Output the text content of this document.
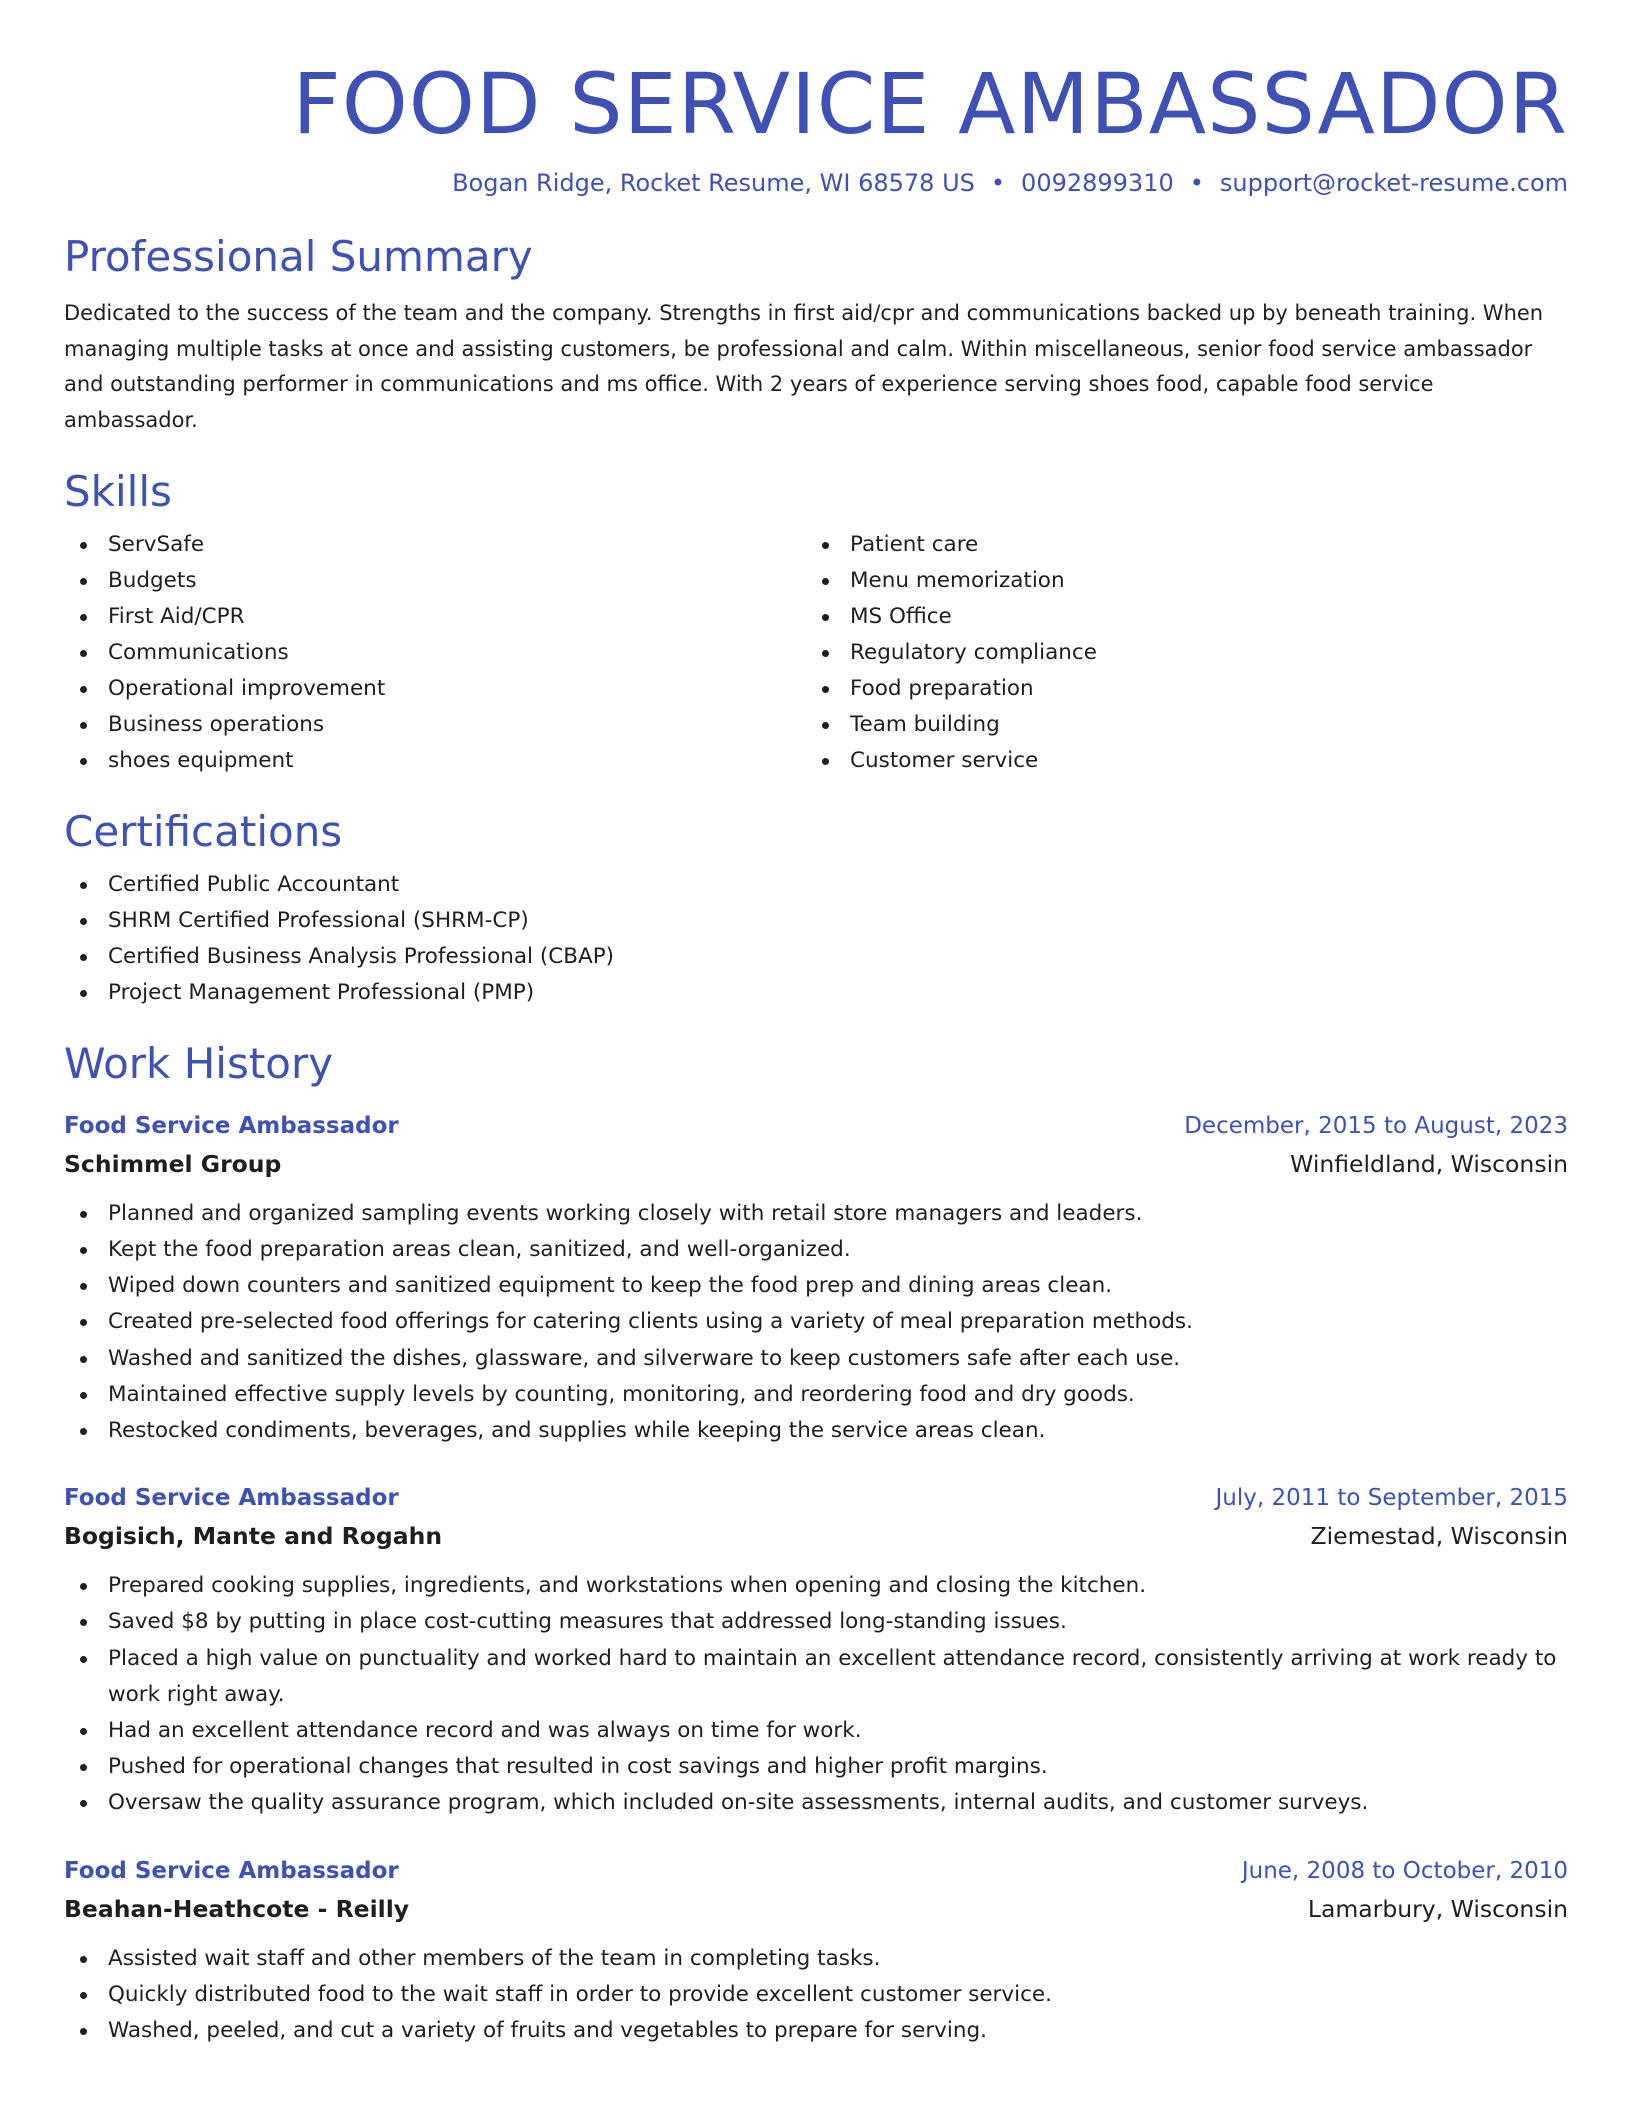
FOOD SERVICE AMBASSADOR
Bogan Ridge, Rocket Resume, WI 68578 US • 0092899310 • support@rocket-resume.com
Professional Summary

Dedicated to the success of the team and the company. Strengths in first aid/cpr and communications backed up by beneath training. When managing multiple tasks at once and assisting customers, be professional and calm. Within miscellaneous, senior food service ambassador and outstanding performer in communications and ms office. With 2 years of experience serving shoes food, capable food service ambassador.

Skills
ServSafe
Budgets
First Aid/CPR
Communications
Operational improvement
Business operations
shoes equipment
Patient care
Menu memorization
MS Office
Regulatory compliance
Food preparation
Team building
Customer service
Certifications
Certified Public Accountant
SHRM Certified Professional (SHRM-CP)
Certified Business Analysis Professional (CBAP)
Project Management Professional (PMP)
Work History
Food Service Ambassador	December, 2015 to August, 2023
Schimmel Group	Winfieldland, Wisconsin
Planned and organized sampling events working closely with retail store managers and leaders.
Kept the food preparation areas clean, sanitized, and well-organized.
Wiped down counters and sanitized equipment to keep the food prep and dining areas clean.
Created pre-selected food offerings for catering clients using a variety of meal preparation methods.
Washed and sanitized the dishes, glassware, and silverware to keep customers safe after each use.
Maintained effective supply levels by counting, monitoring, and reordering food and dry goods.
Restocked condiments, beverages, and supplies while keeping the service areas clean.
Food Service Ambassador	July, 2011 to September, 2015
Bogisich, Mante and Rogahn	Ziemestad, Wisconsin
Prepared cooking supplies, ingredients, and workstations when opening and closing the kitchen.
Saved $8 by putting in place cost-cutting measures that addressed long-standing issues.
Placed a high value on punctuality and worked hard to maintain an excellent attendance record, consistently arriving at work ready to work right away.
Had an excellent attendance record and was always on time for work.
Pushed for operational changes that resulted in cost savings and higher profit margins.
Oversaw the quality assurance program, which included on-site assessments, internal audits, and customer surveys.
Food Service Ambassador	June, 2008 to October, 2010
Beahan-Heathcote - Reilly	Lamarbury, Wisconsin
Assisted wait staff and other members of the team in completing tasks.
Quickly distributed food to the wait staff in order to provide excellent customer service.
Washed, peeled, and cut a variety of fruits and vegetables to prepare for serving.
